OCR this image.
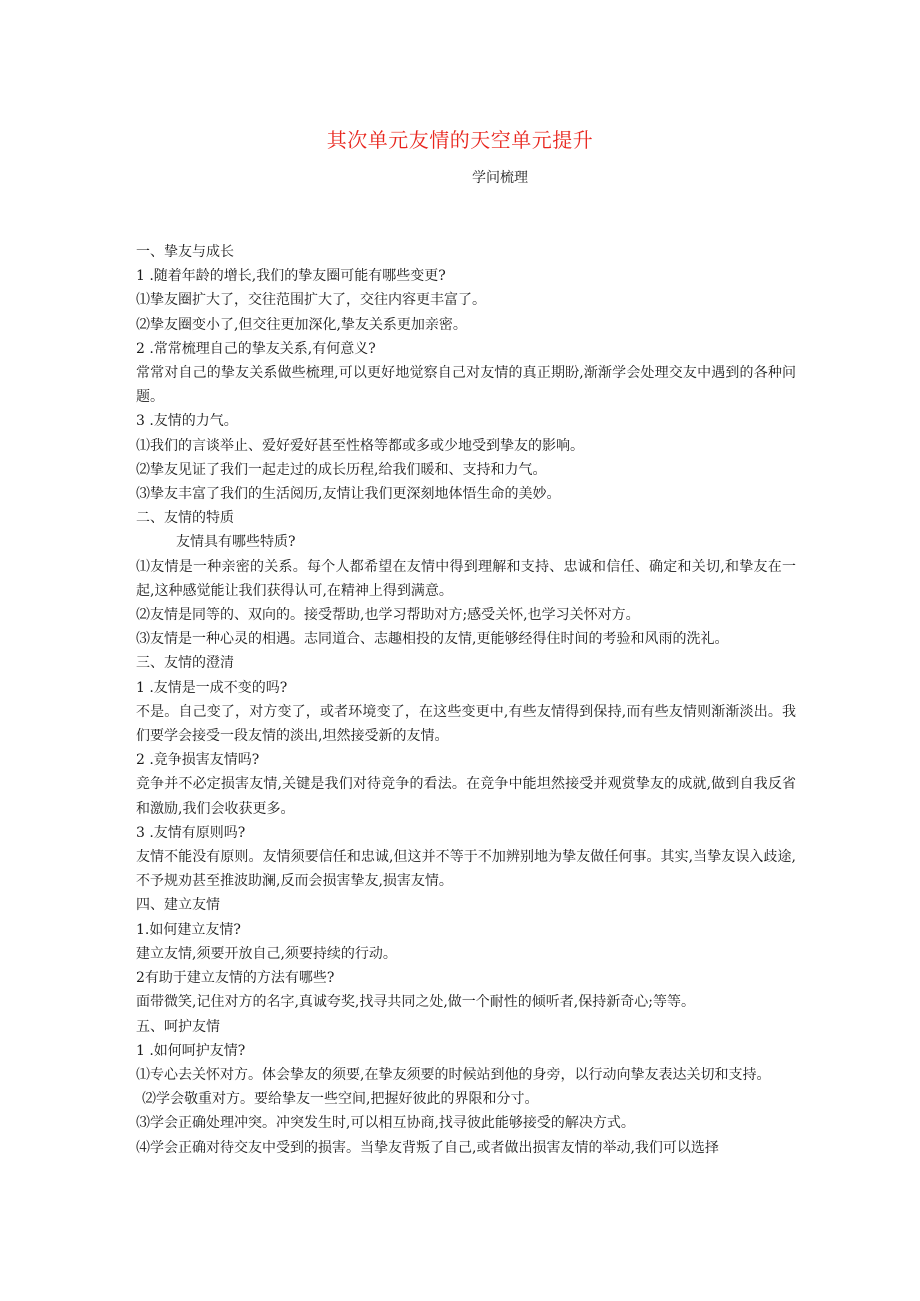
其次单元友情的天空单元提升
学问梳理

一、挚友与成长

1 .随着年龄的增长,我们的挚友圈可能有哪些变更?

⑴挚友圈扩大了，交往范围扩大了，交往内容更丰富了。

⑵挚友圈变小了,但交往更加深化,挚友关系更加亲密。

2 .常常梳理自己的挚友关系,有何意义?

常常对自己的挚友关系做些梳理,可以更好地觉察自己对友情的真正期盼,渐渐学会处理交友中遇到的各种问题。

3 .友情的力气。

⑴我们的言谈举止、爱好爱好甚至性格等都或多或少地受到挚友的影响。

⑵挚友见证了我们一起走过的成长历程,给我们暖和、支持和力气。

⑶挚友丰富了我们的生活阅历,友情让我们更深刻地体悟生命的美妙。

二、友情的特质

友情具有哪些特质?

⑴友情是一种亲密的关系。每个人都希望在友情中得到理解和支持、忠诚和信任、确定和关切,和挚友在一起,这种感觉能让我们获得认可,在精神上得到满意。

⑵友情是同等的、双向的。接受帮助,也学习帮助对方;感受关怀,也学习关怀对方。

⑶友情是一种心灵的相遇。志同道合、志趣相投的友情,更能够经得住时间的考验和风雨的洗礼。

三、友情的澄清

1 .友情是一成不变的吗?

不是。自己变了，对方变了，或者环境变了，在这些变更中,有些友情得到保持,而有些友情则渐渐淡出。我们要学会接受一段友情的淡出,坦然接受新的友情。

2 .竞争损害友情吗?

竞争并不必定损害友情,关键是我们对待竞争的看法。在竞争中能坦然接受并观赏挚友的成就,做到自我反省和激励,我们会收获更多。

3 .友情有原则吗?

友情不能没有原则。友情须要信任和忠诚,但这并不等于不加辨别地为挚友做任何事。其实,当挚友误入歧途,不予规劝甚至推波助澜,反而会损害挚友,损害友情。

四、建立友情

1.如何建立友情?

建立友情,须要开放自己,须要持续的行动。

2有助于建立友情的方法有哪些?

面带微笑,记住对方的名字,真诚夸奖,找寻共同之处,做一个耐性的倾听者,保持新奇心;等等。

五、呵护友情

1 .如何呵护友情?

⑴专心去关怀对方。体会挚友的须要,在挚友须要的时候站到他的身旁，以行动向挚友表达关切和支持。

⑵学会敬重对方。要给挚友一些空间,把握好彼此的界限和分寸。

⑶学会正确处理冲突。冲突发生时,可以相互协商,找寻彼此能够接受的解决方式。

⑷学会正确对待交友中受到的损害。当挚友背叛了自己,或者做出损害友情的举动,我们可以选择
